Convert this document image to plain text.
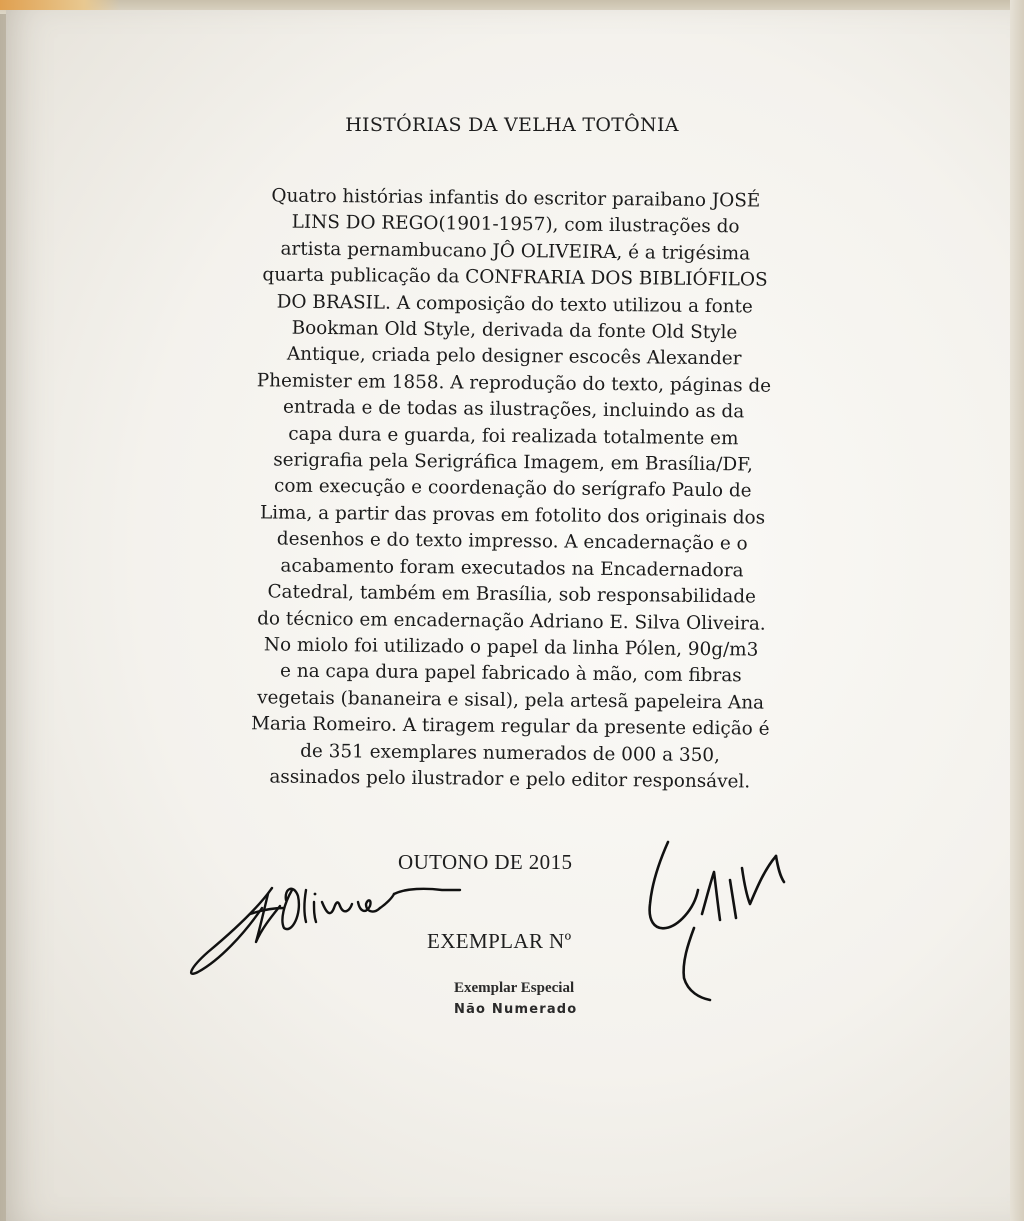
HISTÓRIAS DA VELHA TOTÔNIA

Quatro histórias infantis do escritor paraibano JOSÉ
LINS DO REGO(1901-1957), com ilustrações do
artista pernambucano JÔ OLIVEIRA, é a trigésima
quarta publicação da CONFRARIA DOS BIBLIÓFILOS
DO BRASIL. A composição do texto utilizou a fonte
Bookman Old Style, derivada da fonte Old Style
Antique, criada pelo designer escocês Alexander
Phemister em 1858. A reprodução do texto, páginas de
entrada e de todas as ilustrações, incluindo as da
capa dura e guarda, foi realizada totalmente em
serigrafia pela Serigráfica Imagem, em Brasília/DF,
com execução e coordenação do serígrafo Paulo de
Lima, a partir das provas em fotolito dos originais dos
desenhos e do texto impresso. A encadernação e o
acabamento foram executados na Encadernadora
Catedral, também em Brasília, sob responsabilidade
do técnico em encadernação Adriano E. Silva Oliveira.
No miolo foi utilizado o papel da linha Pólen, 90g/m3
e na capa dura papel fabricado à mão, com fibras
vegetais (bananeira e sisal), pela artesã papeleira Ana
Maria Romeiro. A tiragem regular da presente edição é
de 351 exemplares numerados de 000 a 350,
assinados pelo ilustrador e pelo editor responsável.

OUTONO DE 2015
EXEMPLAR Nº
Exemplar Especial
Não Numerado
